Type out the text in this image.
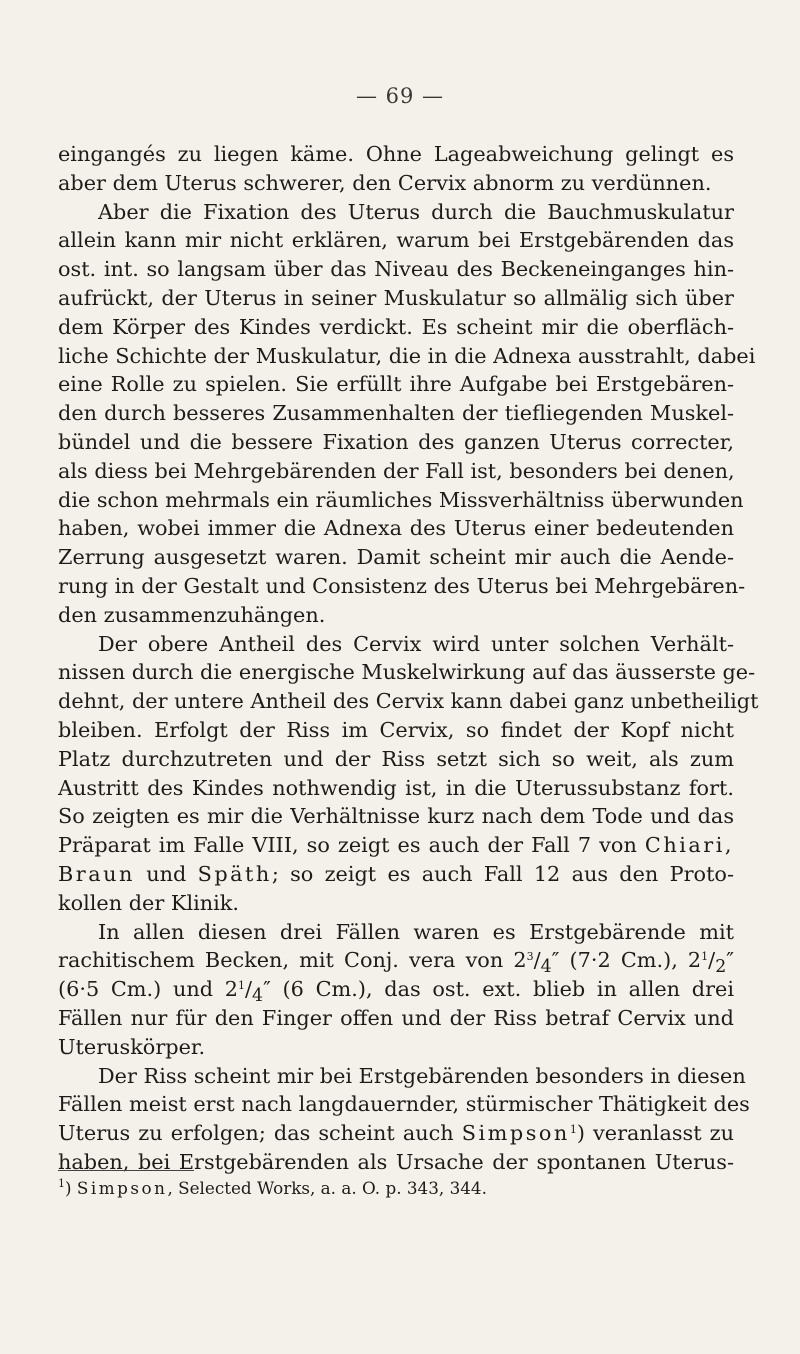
— 69 —
eingangés zu liegen käme. Ohne Lageabweichung gelingt es
aber dem Uterus schwerer, den Cervix abnorm zu verdünnen.
Aber die Fixation des Uterus durch die Bauchmuskulatur
allein kann mir nicht erklären, warum bei Erstgebärenden das
ost. int. so langsam über das Niveau des Beckeneinganges hin-
aufrückt, der Uterus in seiner Muskulatur so allmälig sich über
dem Körper des Kindes verdickt. Es scheint mir die oberfläch-
liche Schichte der Muskulatur, die in die Adnexa ausstrahlt, dabei
eine Rolle zu spielen. Sie erfüllt ihre Aufgabe bei Erstgebären-
den durch besseres Zusammenhalten der tiefliegenden Muskel-
bündel und die bessere Fixation des ganzen Uterus correcter,
als diess bei Mehrgebärenden der Fall ist, besonders bei denen,
die schon mehrmals ein räumliches Missverhältniss überwunden
haben, wobei immer die Adnexa des Uterus einer bedeutenden
Zerrung ausgesetzt waren. Damit scheint mir auch die Aende-
rung in der Gestalt und Consistenz des Uterus bei Mehrgebären-
den zusammenzuhängen.
Der obere Antheil des Cervix wird unter solchen Verhält-
nissen durch die energische Muskelwirkung auf das äusserste ge-
dehnt, der untere Antheil des Cervix kann dabei ganz unbetheiligt
bleiben. Erfolgt der Riss im Cervix, so findet der Kopf nicht
Platz durchzutreten und der Riss setzt sich so weit, als zum
Austritt des Kindes nothwendig ist, in die Uterussubstanz fort.
So zeigten es mir die Verhältnisse kurz nach dem Tode und das
Präparat im Falle VIII, so zeigt es auch der Fall 7 von Chiari,
Braun und Späth; so zeigt es auch Fall 12 aus den Proto-
kollen der Klinik.
In allen diesen drei Fällen waren es Erstgebärende mit
rachitischem Becken, mit Conj. vera von $2^3/_4''$ (7·2 Cm.), $2^1/_2''$
(6·5 Cm.) und $2^1/_4''$ (6 Cm.), das ost. ext. blieb in allen drei
Fällen nur für den Finger offen und der Riss betraf Cervix und
Uteruskörper.
Der Riss scheint mir bei Erstgebärenden besonders in diesen
Fällen meist erst nach langdauernder, stürmischer Thätigkeit des
Uterus zu erfolgen; das scheint auch Simpson$^1$) veranlasst zu
haben, bei Erstgebärenden als Ursache der spontanen Uterus-
$^1$) Simpson, Selected Works, a. a. O. p. 343, 344.
